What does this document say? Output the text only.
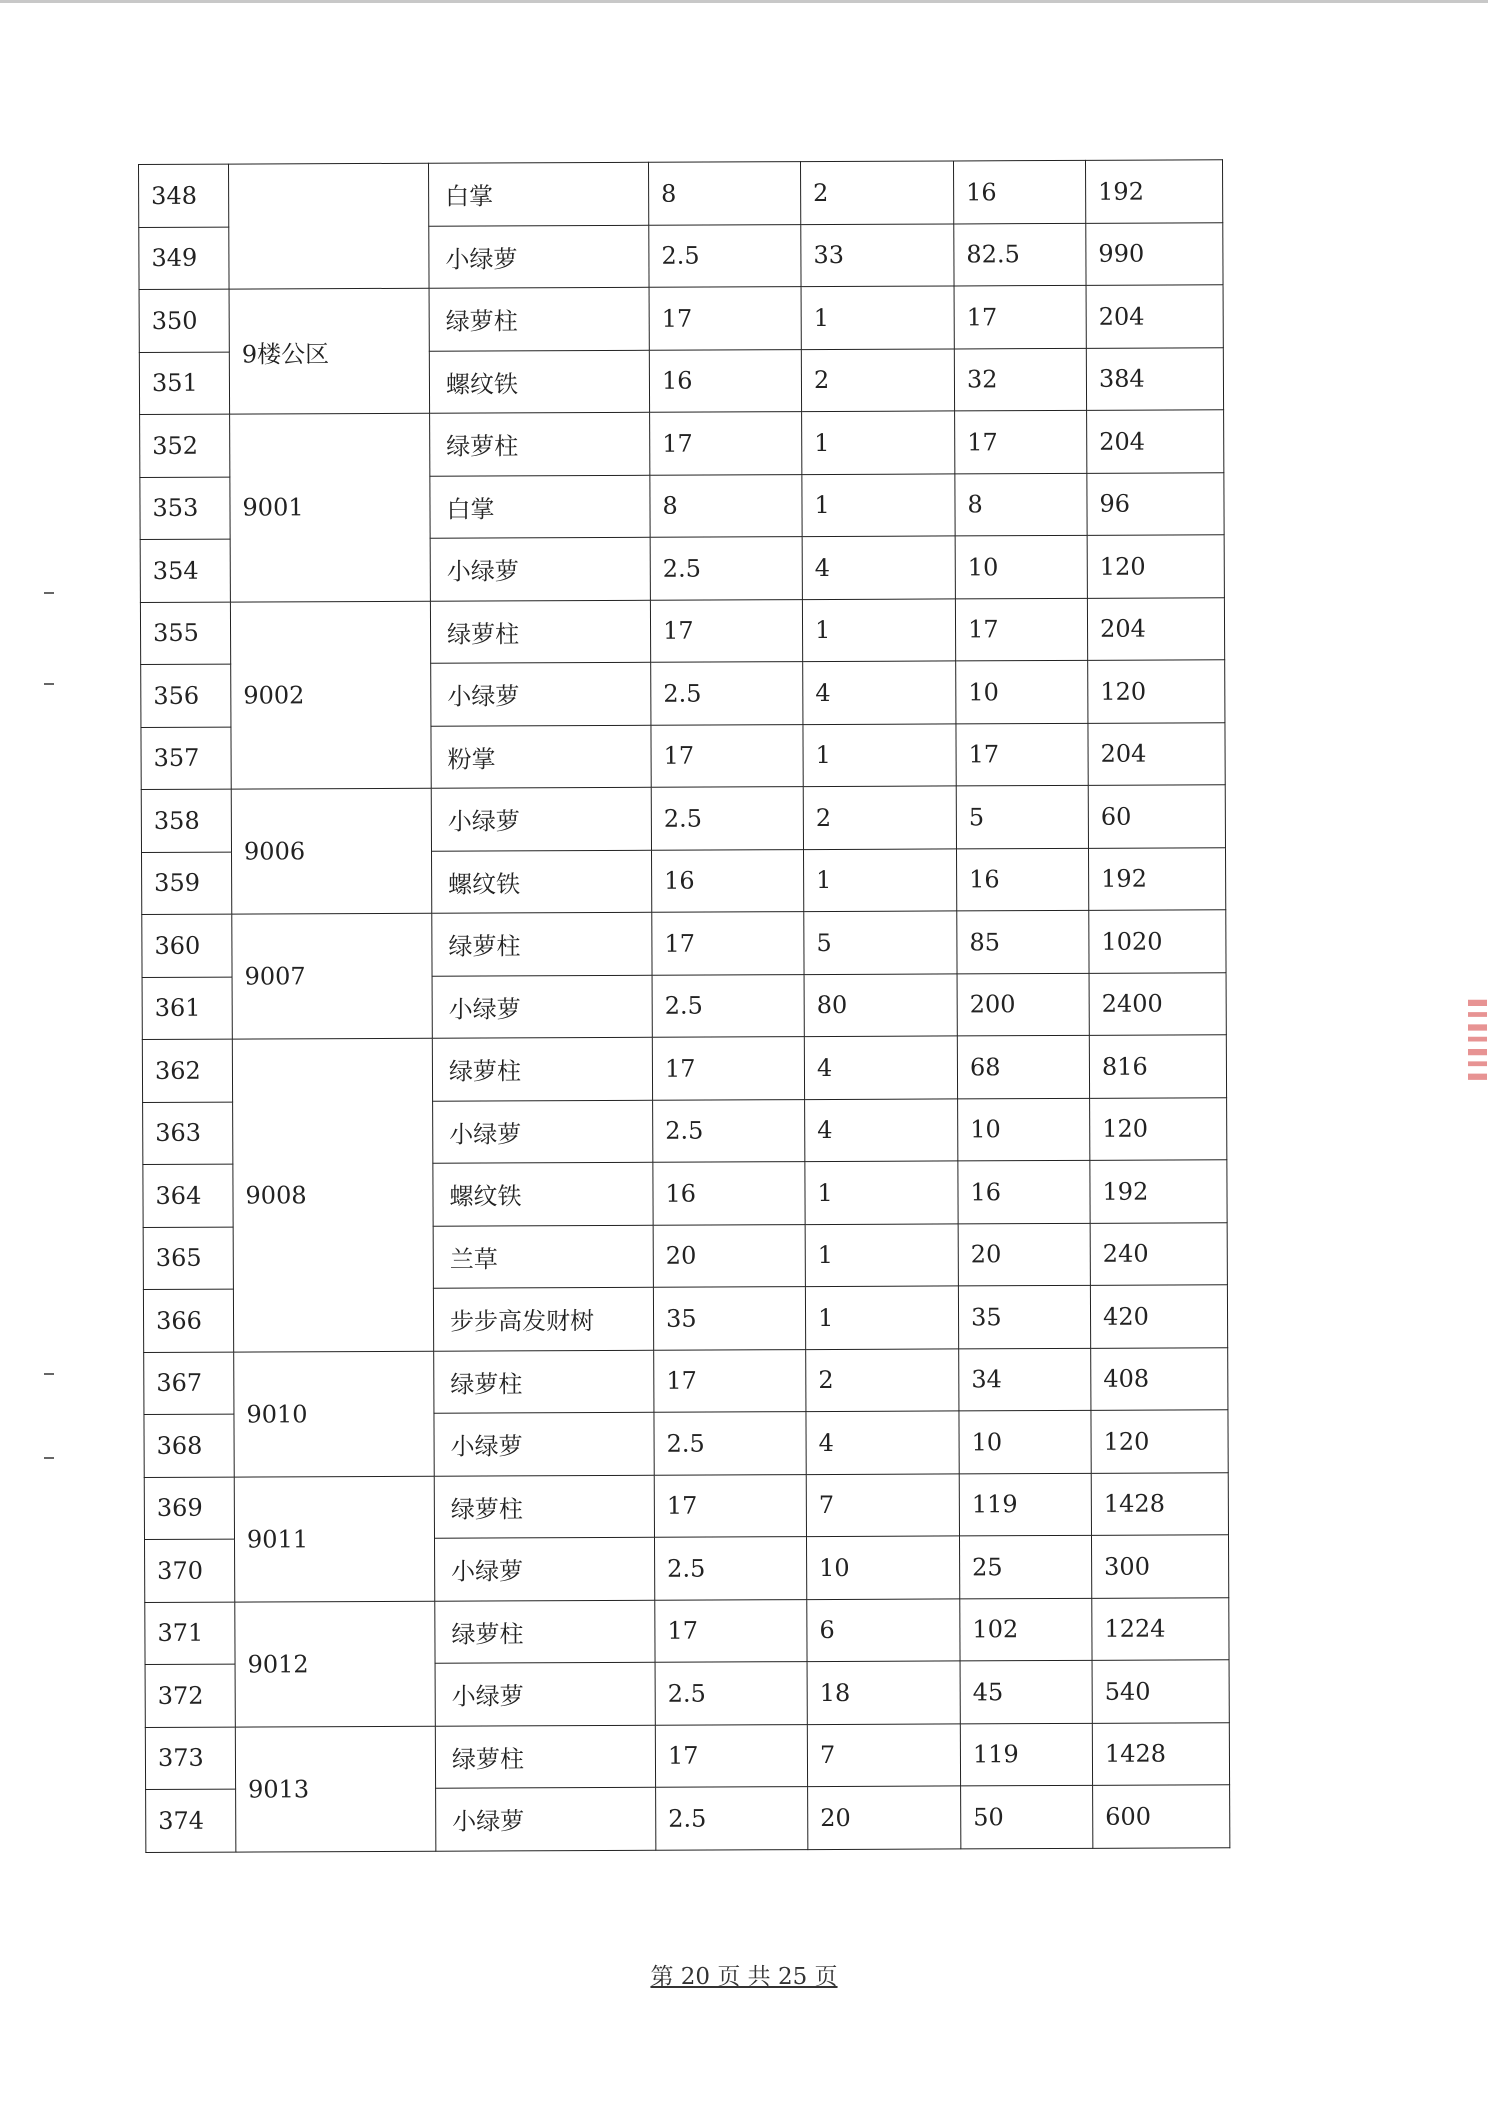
▌▍▌▍▌▍▌
348		白掌	8	2	16	192
349		小绿萝	2.5	33	82.5	990
350	9楼公区	绿萝柱	17	1	17	204
351		螺纹铁	16	2	32	384
352	9001	绿萝柱	17	1	17	204
353		白掌	8	1	8	96
354		小绿萝	2.5	4	10	120
355	9002	绿萝柱	17	1	17	204
356		小绿萝	2.5	4	10	120
357		粉掌	17	1	17	204
358	9006	小绿萝	2.5	2	5	60
359		螺纹铁	16	1	16	192
360	9007	绿萝柱	17	5	85	1020
361		小绿萝	2.5	80	200	2400
362	9008	绿萝柱	17	4	68	816
363		小绿萝	2.5	4	10	120
364		螺纹铁	16	1	16	192
365		兰草	20	1	20	240
366		步步高发财树	35	1	35	420
367	9010	绿萝柱	17	2	34	408
368		小绿萝	2.5	4	10	120
369	9011	绿萝柱	17	7	119	1428
370		小绿萝	2.5	10	25	300
371	9012	绿萝柱	17	6	102	1224
372		小绿萝	2.5	18	45	540
373	9013	绿萝柱	17	7	119	1428
374		小绿萝	2.5	20	50	600
第 20 页 共 25 页
